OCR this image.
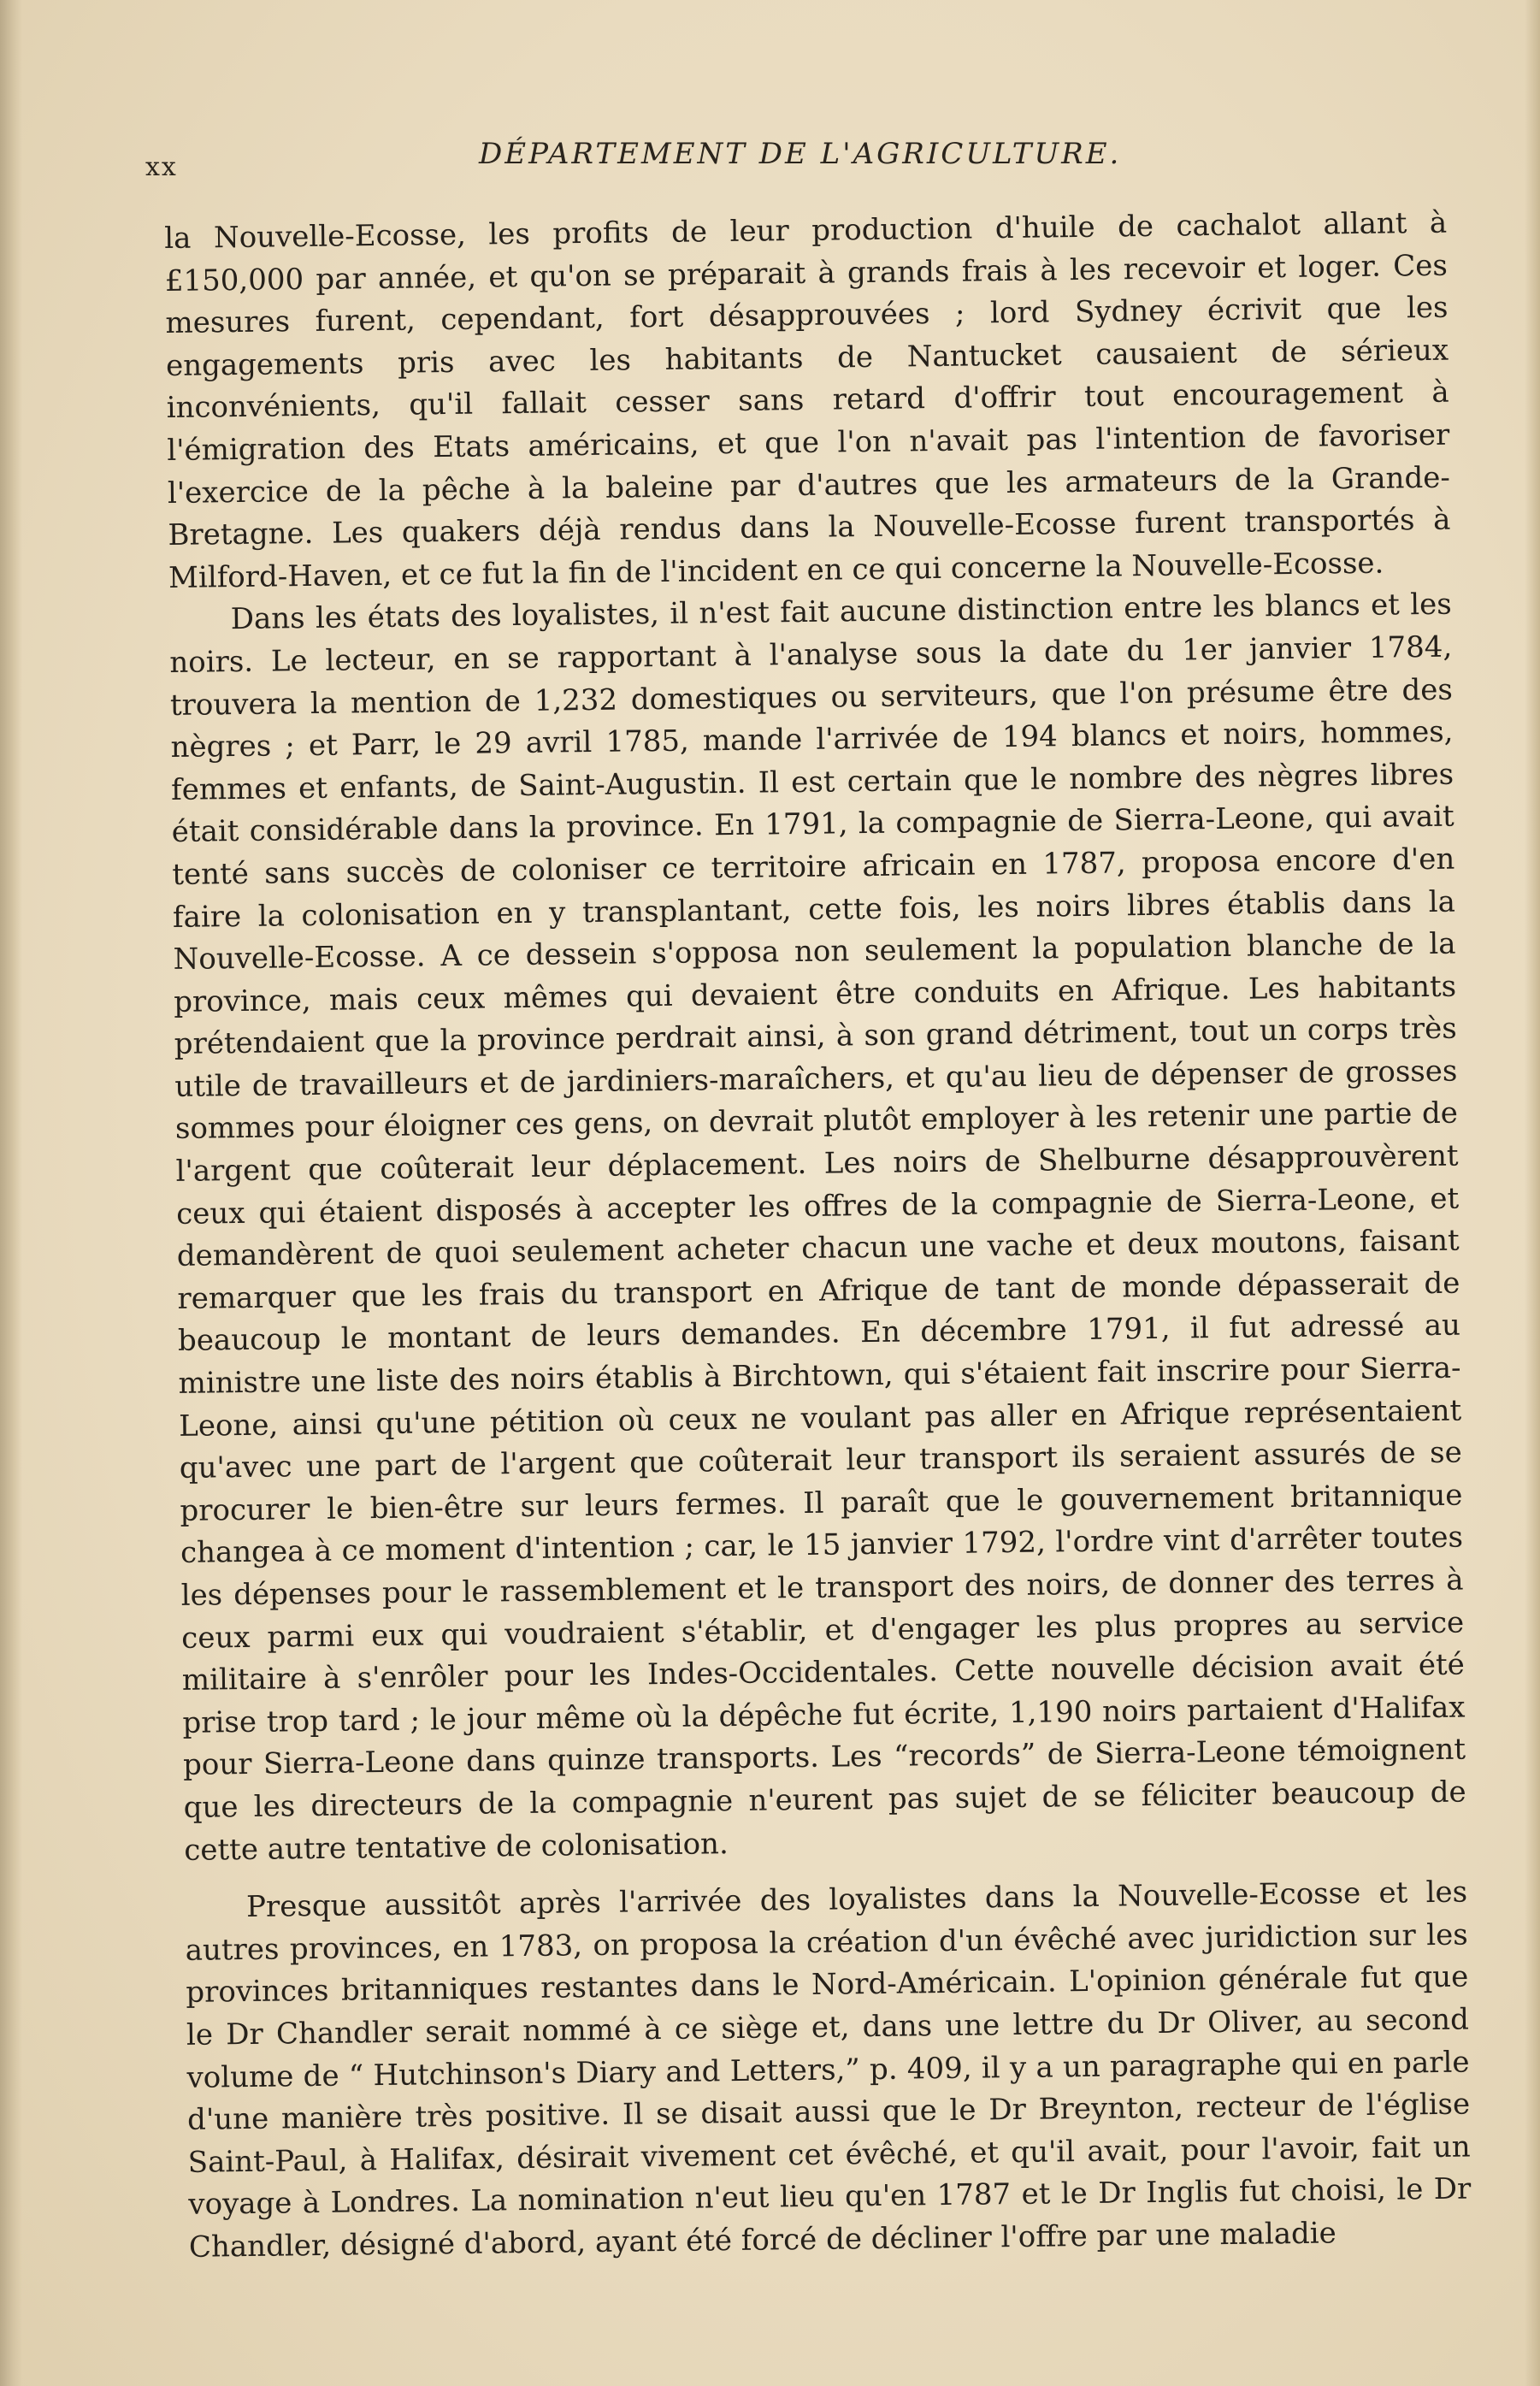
xx	DÉPARTEMENT DE L'AGRICULTURE.

la Nouvelle-Ecosse, les profits de leur production d'huile de cachalot allant à £150,000 par année, et qu'on se préparait à grands frais à les recevoir et loger. Ces mesures furent, cependant, fort désapprouvées ; lord Sydney écrivit que les engagements pris avec les habitants de Nantucket causaient de sérieux inconvénients, qu'il fallait cesser sans retard d'offrir tout encouragement à l'émigration des Etats américains, et que l'on n'avait pas l'intention de favoriser l'exercice de la pêche à la baleine par d'autres que les armateurs de la Grande-Bretagne. Les quakers déjà rendus dans la Nouvelle-Ecosse furent transportés à Milford-Haven, et ce fut la fin de l'incident en ce qui concerne la Nouvelle-Ecosse.

Dans les états des loyalistes, il n'est fait aucune distinction entre les blancs et les noirs. Le lecteur, en se rapportant à l'analyse sous la date du 1er janvier 1784, trouvera la mention de 1,232 domestiques ou serviteurs, que l'on présume être des nègres ; et Parr, le 29 avril 1785, mande l'arrivée de 194 blancs et noirs, hommes, femmes et enfants, de Saint-Augustin. Il est certain que le nombre des nègres libres était considérable dans la province. En 1791, la compagnie de Sierra-Leone, qui avait tenté sans succès de coloniser ce territoire africain en 1787, proposa encore d'en faire la colonisation en y transplantant, cette fois, les noirs libres établis dans la Nouvelle-Ecosse. A ce dessein s'opposa non seulement la population blanche de la province, mais ceux mêmes qui devaient être conduits en Afrique. Les habitants prétendaient que la province perdrait ainsi, à son grand détriment, tout un corps très utile de travailleurs et de jardiniers-maraîchers, et qu'au lieu de dépenser de grosses sommes pour éloigner ces gens, on devrait plutôt employer à les retenir une partie de l'argent que coûterait leur déplacement. Les noirs de Shelburne désapprouvèrent ceux qui étaient disposés à accepter les offres de la compagnie de Sierra-Leone, et demandèrent de quoi seulement acheter chacun une vache et deux moutons, faisant remarquer que les frais du transport en Afrique de tant de monde dépasserait de beaucoup le montant de leurs demandes. En décembre 1791, il fut adressé au ministre une liste des noirs établis à Birchtown, qui s'étaient fait inscrire pour Sierra-Leone, ainsi qu'une pétition où ceux ne voulant pas aller en Afrique représentaient qu'avec une part de l'argent que coûterait leur transport ils seraient assurés de se procurer le bien-être sur leurs fermes. Il paraît que le gouvernement britannique changea à ce moment d'intention ; car, le 15 janvier 1792, l'ordre vint d'arrêter toutes les dépenses pour le rassemblement et le transport des noirs, de donner des terres à ceux parmi eux qui voudraient s'établir, et d'engager les plus propres au service militaire à s'enrôler pour les Indes-Occidentales. Cette nouvelle décision avait été prise trop tard ; le jour même où la dépêche fut écrite, 1,190 noirs partaient d'Halifax pour Sierra-Leone dans quinze transports. Les “records” de Sierra-Leone témoignent que les directeurs de la compagnie n'eurent pas sujet de se féliciter beaucoup de cette autre tentative de colonisation.

Presque aussitôt après l'arrivée des loyalistes dans la Nouvelle-Ecosse et les autres provinces, en 1783, on proposa la création d'un évêché avec juridiction sur les provinces britanniques restantes dans le Nord-Américain. L'opinion générale fut que le Dr Chandler serait nommé à ce siège et, dans une lettre du Dr Oliver, au second volume de “ Hutchinson's Diary and Letters,” p. 409, il y a un paragraphe qui en parle d'une manière très positive. Il se disait aussi que le Dr Breynton, recteur de l'église Saint-Paul, à Halifax, désirait vivement cet évêché, et qu'il avait, pour l'avoir, fait un voyage à Londres. La nomination n'eut lieu qu'en 1787 et le Dr Inglis fut choisi, le Dr Chandler, désigné d'abord, ayant été forcé de décliner l'offre par une maladie
